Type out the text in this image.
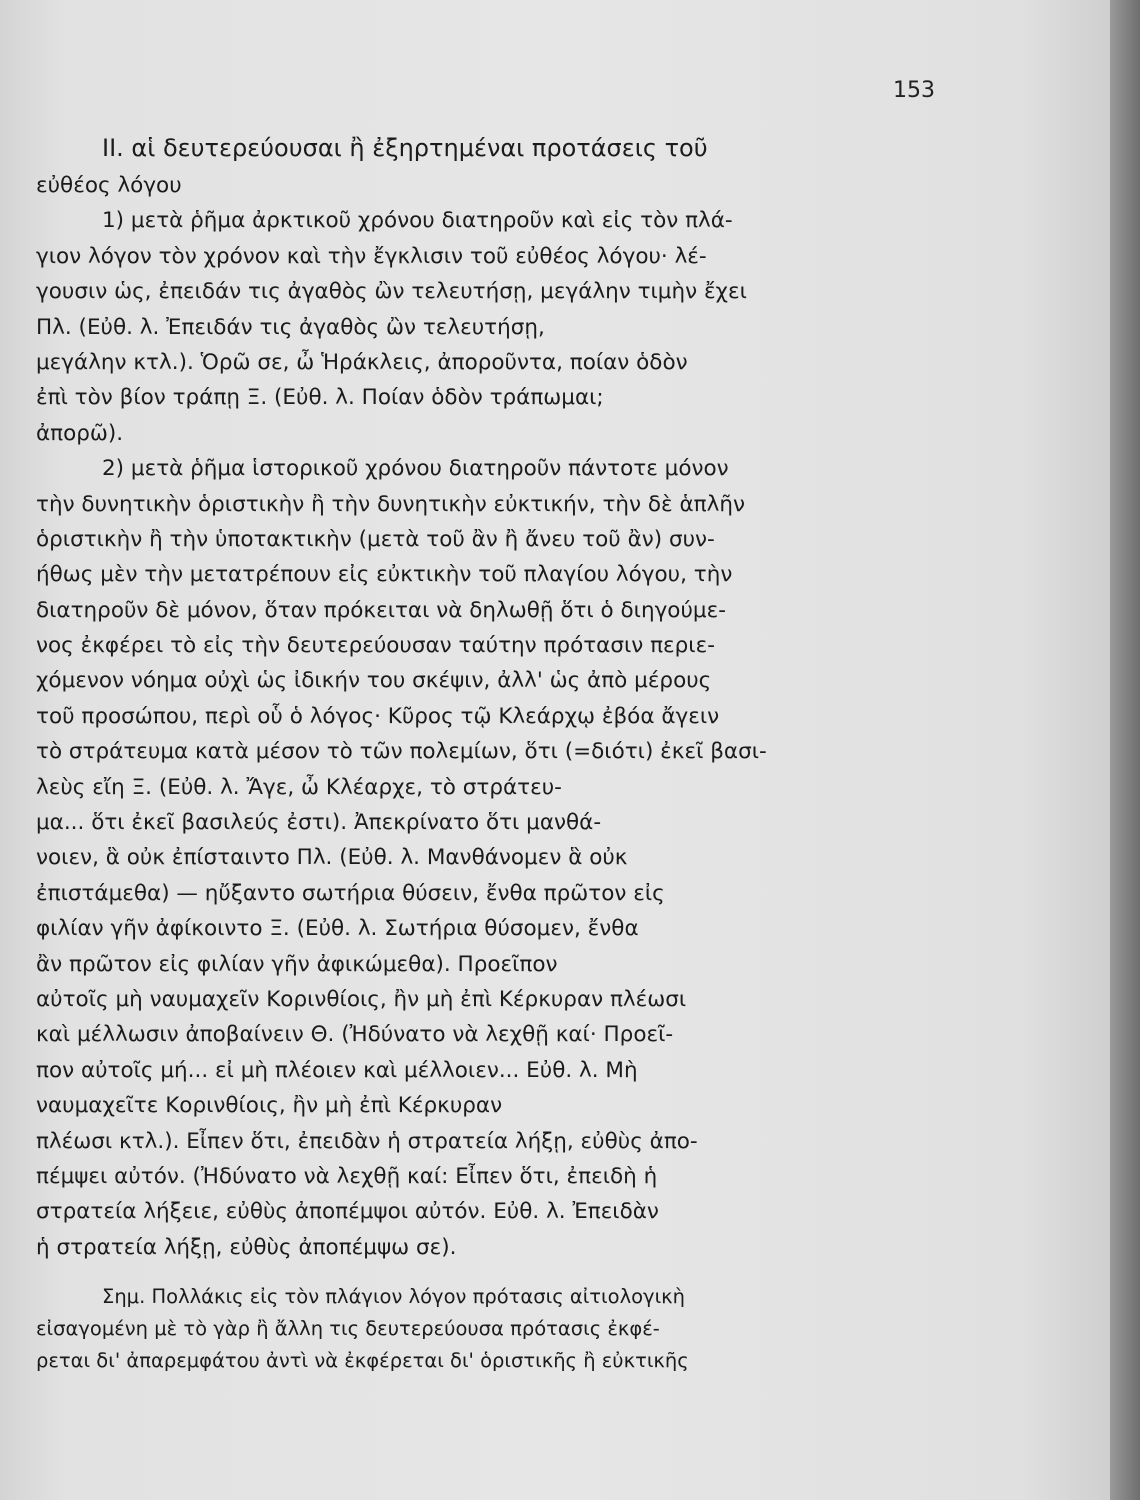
153
II. αἱ δευτερεύουσαι ἢ ἐξηρτημέναι προτάσεις τοῦ
εὐθέος λόγου
1) μετὰ ῥῆμα ἀρκτικοῦ χρόνου διατηροῦν καὶ εἰς τὸν πλά-
γιον λόγον τὸν χρόνον καὶ τὴν ἔγκλισιν τοῦ εὐθέος λόγου· λέ-
γουσιν ὡς, ἐπειδάν τις ἀγαθὸς ὢν τελευτήσῃ, μεγάλην τιμὴν ἔχει
Πλ. (Εὐθ. λ. Ἐπειδάν τις ἀγαθὸς ὢν τελευτήσῃ,
μεγάλην κτλ.). Ὁρῶ σε, ὦ Ἡράκλεις, ἀποροῦντα, ποίαν ὁδὸν
ἐπὶ τὸν βίον τράπῃ Ξ. (Εὐθ. λ. Ποίαν ὁδὸν τράπωμαι;
ἀπορῶ).
2) μετὰ ῥῆμα ἱστορικοῦ χρόνου διατηροῦν πάντοτε μόνον
τὴν δυνητικὴν ὁριστικὴν ἢ τὴν δυνητικὴν εὐκτικήν, τὴν δὲ ἁπλῆν
ὁριστικὴν ἢ τὴν ὑποτακτικὴν (μετὰ τοῦ ἂν ἢ ἄνευ τοῦ ἂν) συν-
ήθως μὲν τὴν μετατρέπουν εἰς εὐκτικὴν τοῦ πλαγίου λόγου, τὴν
διατηροῦν δὲ μόνον, ὅταν πρόκειται νὰ δηλωθῇ ὅτι ὁ διηγούμε-
νος ἐκφέρει τὸ εἰς τὴν δευτερεύουσαν ταύτην πρότασιν περιε-
χόμενον νόημα οὐχὶ ὡς ἰδικήν του σκέψιν, ἀλλ' ὡς ἀπὸ μέρους
τοῦ προσώπου, περὶ οὗ ὁ λόγος· Κῦρος τῷ Κλεάρχῳ ἐβόα ἄγειν
τὸ στράτευμα κατὰ μέσον τὸ τῶν πολεμίων, ὅτι (=διότι) ἐκεῖ βασι-
λεὺς εἴη Ξ. (Εὐθ. λ. Ἄγε, ὦ Κλέαρχε, τὸ στράτευ-
μα... ὅτι ἐκεῖ βασιλεύς ἐστι). Ἀπεκρίνατο ὅτι μανθά-
νοιεν, ἃ οὐκ ἐπίσταιντο Πλ. (Εὐθ. λ. Μανθάνομεν ἃ οὐκ
ἐπιστάμεθα) — ηὔξαντο σωτήρια θύσειν, ἔνθα πρῶτον εἰς
φιλίαν γῆν ἀφίκοιντο Ξ. (Εὐθ. λ. Σωτήρια θύσομεν, ἔνθα
ἂν πρῶτον εἰς φιλίαν γῆν ἀφικώμεθα). Προεῖπον
αὐτοῖς μὴ ναυμαχεῖν Κορινθίοις, ἢν μὴ ἐπὶ Κέρκυραν πλέωσι
καὶ μέλλωσιν ἀποβαίνειν Θ. (Ἠδύνατο νὰ λεχθῇ καί· Προεῖ-
πον αὐτοῖς μή... εἰ μὴ πλέοιεν καὶ μέλλοιεν... Εὐθ. λ. Μὴ
ναυμαχεῖτε Κορινθίοις, ἢν μὴ ἐπὶ Κέρκυραν
πλέωσι κτλ.). Εἶπεν ὅτι, ἐπειδὰν ἡ στρατεία λήξῃ, εὐθὺς ἀπο-
πέμψει αὐτόν. (Ἠδύνατο νὰ λεχθῇ καί: Εἶπεν ὅτι, ἐπειδὴ ἡ
στρατεία λήξειε, εὐθὺς ἀποπέμψοι αὐτόν. Εὐθ. λ. Ἐπειδὰν
ἡ στρατεία λήξῃ, εὐθὺς ἀποπέμψω σε).
Σημ. Πολλάκις εἰς τὸν πλάγιον λόγον πρότασις αἰτιολογικὴ
εἰσαγομένη μὲ τὸ γὰρ ἢ ἄλλη τις δευτερεύουσα πρότασις ἐκφέ-
ρεται δι' ἀπαρεμφάτου ἀντὶ νὰ ἐκφέρεται δι' ὁριστικῆς ἢ εὐκτικῆς
